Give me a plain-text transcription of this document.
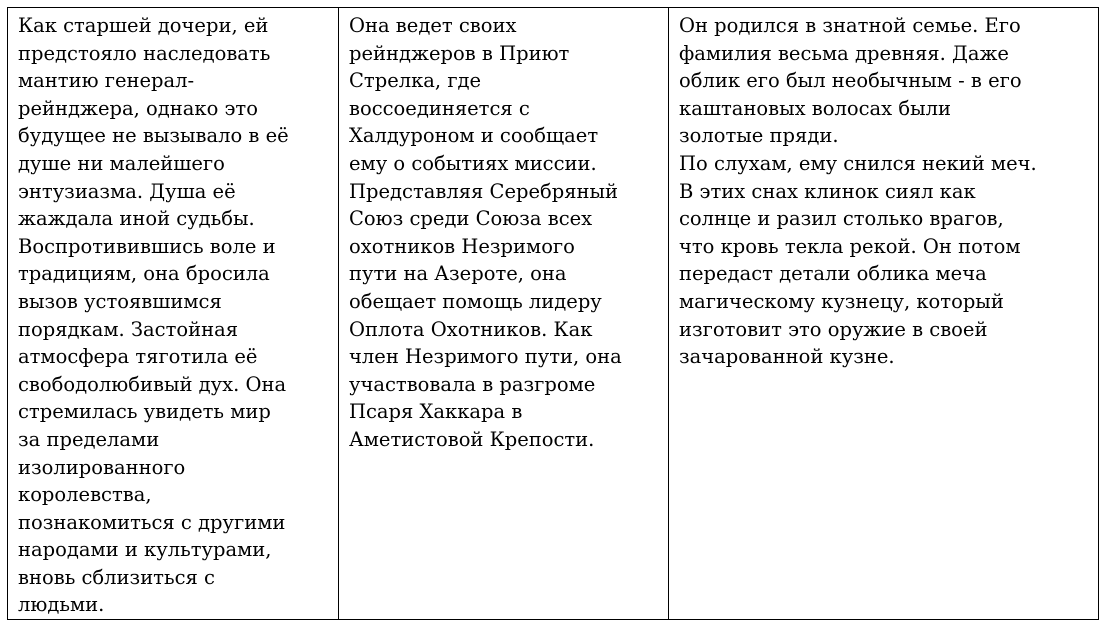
Как старшей дочери, ей
предстояло наследовать
мантию генерал-
рейнджера, однако это
будущее не вызывало в её
душе ни малейшего
энтузиазма. Душа её
жаждала иной судьбы.
Воспротивившись воле и
традициям, она бросила
вызов устоявшимся
порядкам. Застойная
атмосфера тяготила её
свободолюбивый дух. Она
стремилась увидеть мир
за пределами
изолированного
королевства,
познакомиться с другими
народами и культурами,
вновь сблизиться с
людьми.

Она ведет своих
рейнджеров в Приют
Стрелка, где
воссоединяется с
Халдуроном и сообщает
ему о событиях миссии.
Представляя Серебряный
Союз среди Союза всех
охотников Незримого
пути на Азероте, она
обещает помощь лидеру
Оплота Охотников. Как
член Незримого пути, она
участвовала в разгроме
Псаря Хаккара в
Аметистовой Крепости.

Он родился в знатной семье. Его
фамилия весьма древняя. Даже
облик его был необычным - в его
каштановых волосах были
золотые пряди.
По слухам, ему снился некий меч.
В этих снах клинок сиял как
солнце и разил столько врагов,
что кровь текла рекой. Он потом
передаст детали облика меча
магическому кузнецу, который
изготовит это оружие в своей
зачарованной кузне.
